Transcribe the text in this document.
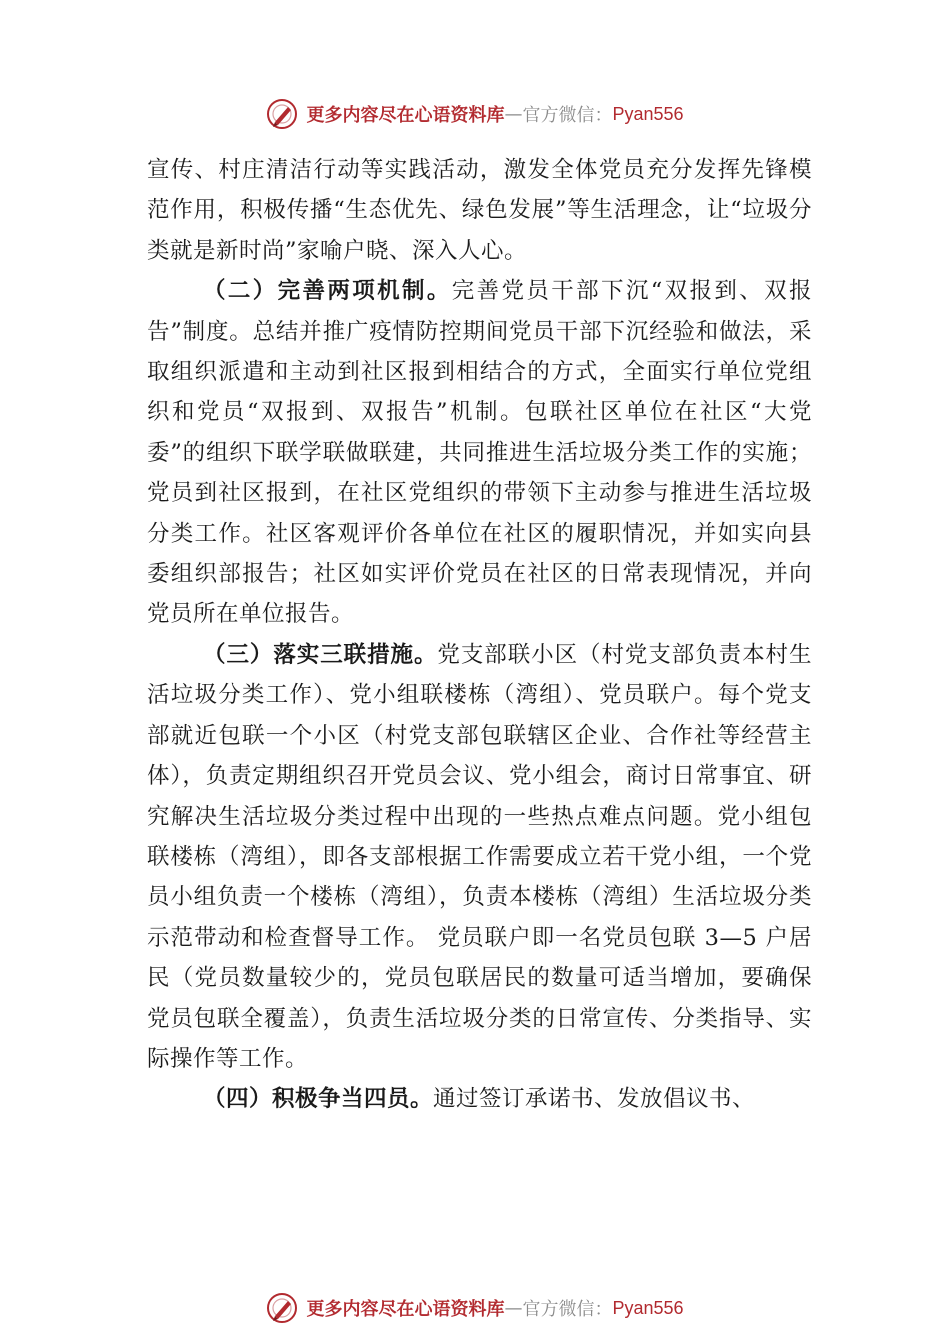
更多内容尽在心语资料库 — 官方微信： Pyan556

宣传、村庄清洁行动等实践活动，激发全体党员充分发挥先锋模范作用，积极传播“生态优先、绿色发展”等生活理念，让“垃圾分类就是新时尚”家喻户晓、深入人心。

（二）完善两项机制。完善党员干部下沉“双报到、双报告”制度。总结并推广疫情防控期间党员干部下沉经验和做法，采取组织派遣和主动到社区报到相结合的方式，全面实行单位党组织和党员“双报到、双报告”机制。包联社区单位在社区“大党委”的组织下联学联做联建，共同推进生活垃圾分类工作的实施；党员到社区报到，在社区党组织的带领下主动参与推进生活垃圾分类工作。社区客观评价各单位在社区的履职情况，并如实向县委组织部报告；社区如实评价党员在社区的日常表现情况，并向党员所在单位报告。

（三）落实三联措施。党支部联小区（村党支部负责本村生活垃圾分类工作）、党小组联楼栋（湾组）、党员联户。每个党支部就近包联一个小区（村党支部包联辖区企业、合作社等经营主体），负责定期组织召开党员会议、党小组会，商讨日常事宜、研究解决生活垃圾分类过程中出现的一些热点难点问题。党小组包联楼栋（湾组），即各支部根据工作需要成立若干党小组，一个党员小组负责一个楼栋（湾组），负责本楼栋（湾组）生活垃圾分类示范带动和检查督导工作。 党员联户即一名党员包联 3—5 户居民（党员数量较少的，党员包联居民的数量可适当增加，要确保党员包联全覆盖），负责生活垃圾分类的日常宣传、分类指导、实际操作等工作。

（四）积极争当四员。通过签订承诺书、发放倡议书、

更多内容尽在心语资料库 — 官方微信： Pyan556
